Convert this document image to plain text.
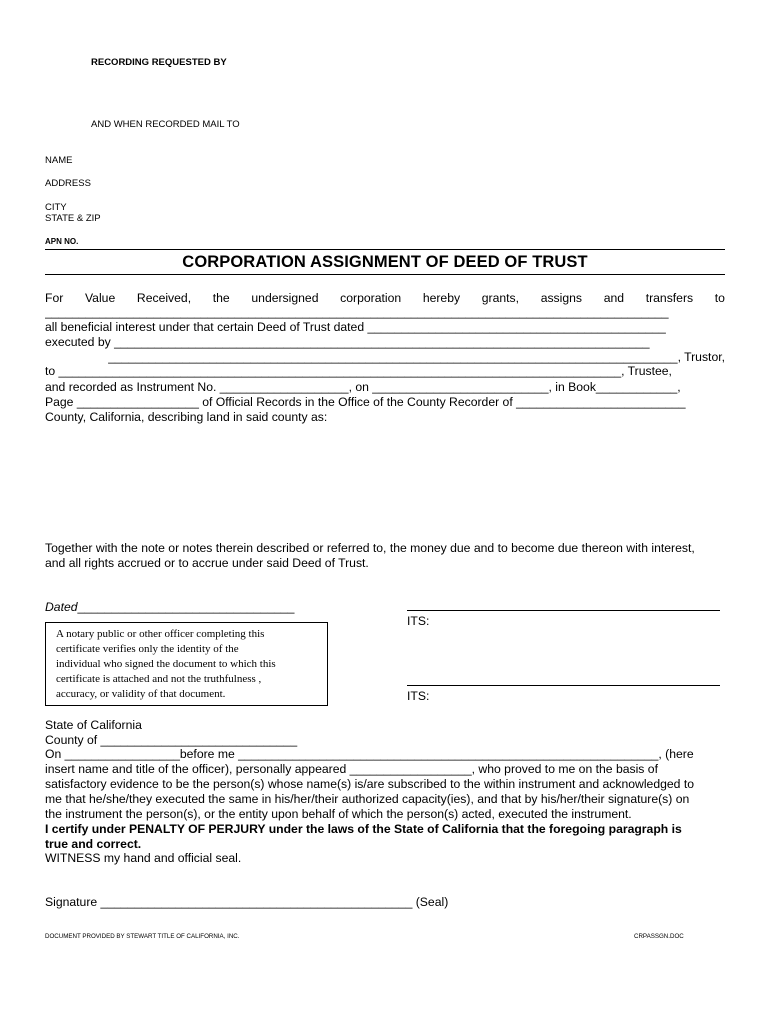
RECORDING REQUESTED BY
AND WHEN RECORDED MAIL TO
NAME
ADDRESS
CITY
STATE & ZIP
APN NO.
CORPORATION ASSIGNMENT OF DEED OF TRUST
For Value Received, the undersigned corporation hereby grants, assigns and transfers to
____________________________________________________________________________________________
all beneficial interest under that certain Deed of Trust dated ____________________________________________
executed by _______________________________________________________________________________
____________________________________________________________________________________, Trustor,
to ___________________________________________________________________________________, Trustee,
and recorded as Instrument No. ___________________, on __________________________, in Book____________,
Page __________________ of Official Records in the Office of the County Recorder of _________________________
County, California, describing land in said county as:
Together with the note or notes therein described or referred to, the money due and to become due thereon with interest,
and all rights accrued or to accrue under said Deed of Trust.
Dated________________________________
ITS:
ITS:
A notary public or other officer completing this
certificate verifies only the identity of the
individual who signed the document to which this
certificate is attached and not the truthfulness ,
accuracy, or validity of that document.
State of California
County of _____________________________
On _________________before me ______________________________________________________________, (here
insert name and title of the officer), personally appeared __________________, who proved to me on the basis of
satisfactory evidence to be the person(s) whose name(s) is/are subscribed to the within instrument and acknowledged to
me that he/she/they executed the same in his/her/their authorized capacity(ies), and that by his/her/their signature(s) on
the instrument the person(s), or the entity upon behalf of which the person(s) acted, executed the instrument.
I certify under PENALTY OF PERJURY under the laws of the State of California that the foregoing paragraph is
true and correct.
WITNESS my hand and official seal.
Signature ______________________________________________ (Seal)
DOCUMENT PROVIDED BY STEWART TITLE OF CALIFORNIA, INC.	CRPASSGN.DOC
